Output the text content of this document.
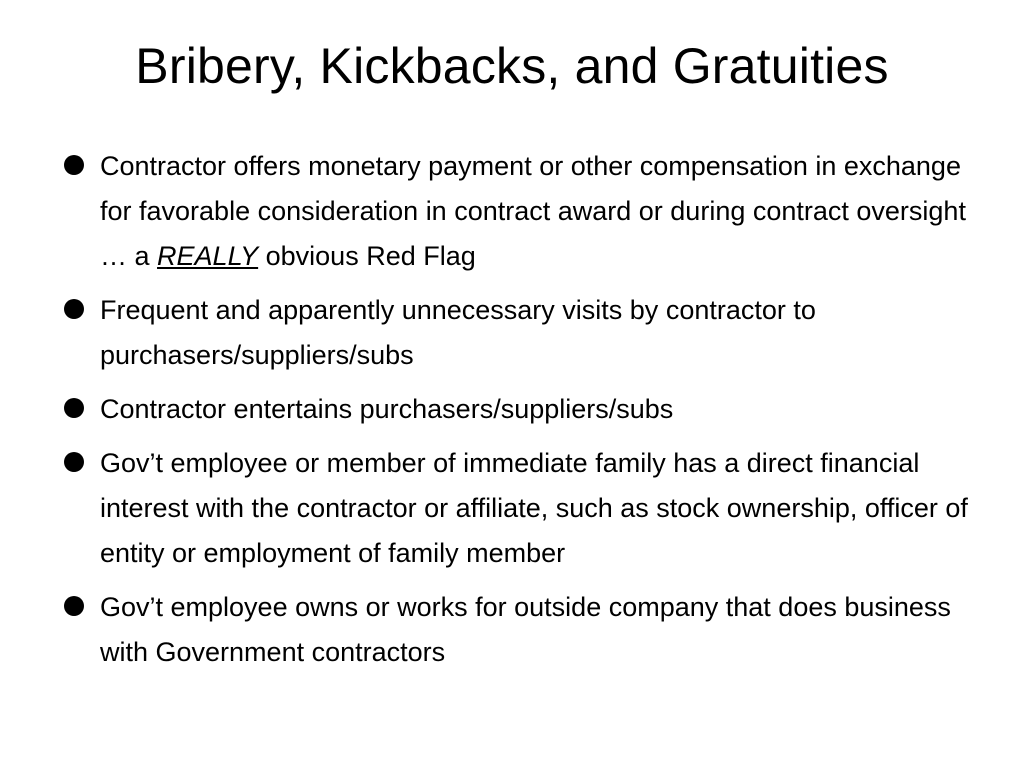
Bribery, Kickbacks, and Gratuities
Contractor offers monetary payment or other compensation in exchange for favorable consideration in contract award or during contract oversight … a REALLY obvious Red Flag
Frequent and apparently unnecessary visits by contractor to purchasers/suppliers/subs
Contractor entertains purchasers/suppliers/subs
Gov’t employee or member of immediate family has a direct financial interest with the contractor or affiliate, such as stock ownership, officer of entity or employment of family member
Gov’t employee owns or works for outside company that does business with Government contractors
